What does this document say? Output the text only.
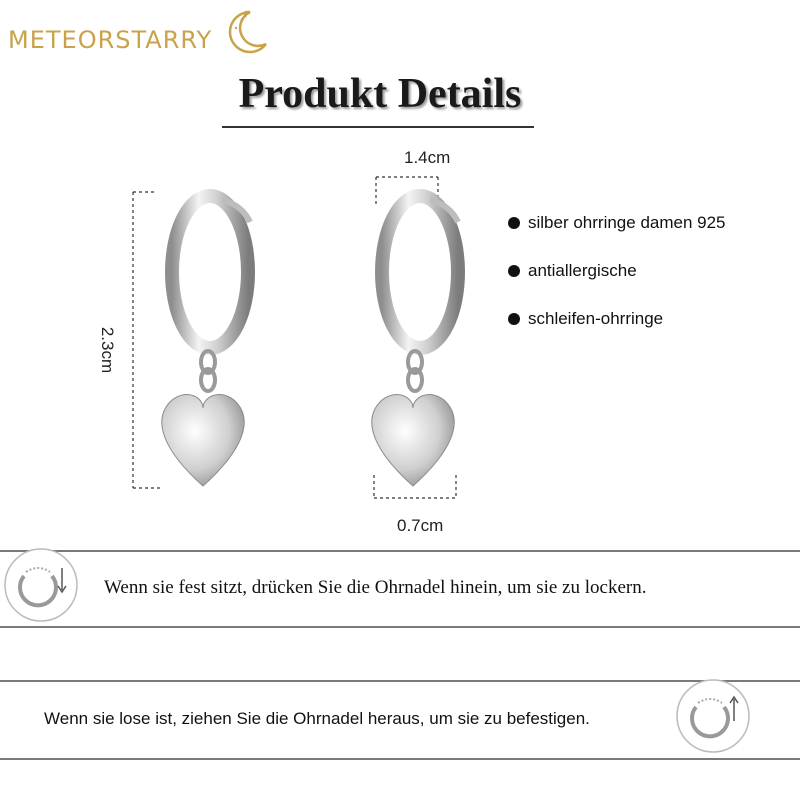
METEORSTARRY
Produkt Details
1.4cm
2.3cm
0.7cm
silber ohrringe damen 925
antiallergische
schleifen-ohrringe
Wenn sie fest sitzt, drücken Sie die Ohrnadel hinein, um sie zu lockern.
Wenn sie lose ist, ziehen Sie die Ohrnadel heraus, um sie zu befestigen.
